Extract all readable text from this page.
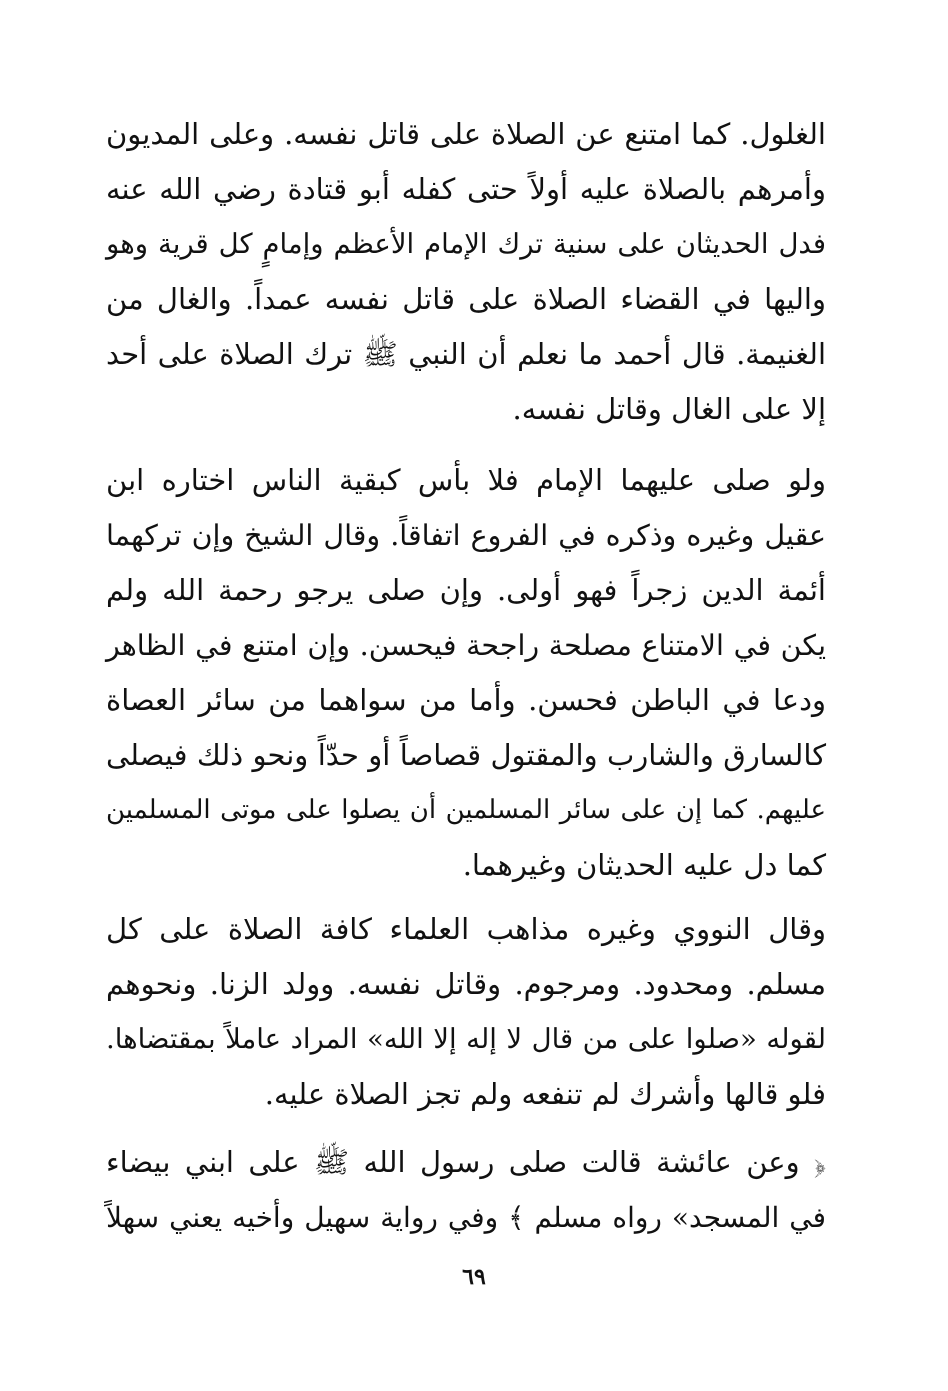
الغلول. كما امتنع عن الصلاة على قاتل نفسه. وعلى المديون
وأمرهم بالصلاة عليه أولاً حتى كفله أبو قتادة رضي الله عنه
فدل الحديثان على سنية ترك الإمام الأعظم وإمامٍ كل قرية وهو
واليها في القضاء الصلاة على قاتل نفسه عمداً. والغال من
الغنيمة. قال أحمد ما نعلم أن النبي ﷺ ترك الصلاة على أحد
إلا على الغال وقاتل نفسه.
ولو صلى عليهما الإمام فلا بأس كبقية الناس اختاره ابن
عقيل وغيره وذكره في الفروع اتفاقاً. وقال الشيخ وإن تركهما
أئمة الدين زجراً فهو أولى. وإن صلى يرجو رحمة الله ولم
يكن في الامتناع مصلحة راجحة فيحسن. وإن امتنع في الظاهر
ودعا في الباطن فحسن. وأما من سواهما من سائر العصاة
كالسارق والشارب والمقتول قصاصاً أو حدّاً ونحو ذلك فيصلى
عليهم. كما إن على سائر المسلمين أن يصلوا على موتى المسلمين
كما دل عليه الحديثان وغيرهما.
وقال النووي وغيره مذاهب العلماء كافة الصلاة على كل
مسلم. ومحدود. ومرجوم. وقاتل نفسه. وولد الزنا. ونحوهم
لقوله «صلوا على من قال لا إله إلا الله» المراد عاملاً بمقتضاها.
فلو قالها وأشرك لم تنفعه ولم تجز الصلاة عليه.
﴿ وعن عائشة قالت صلى رسول الله ﷺ على ابني بيضاء
في المسجد» رواه مسلم ﴾ وفي رواية سهيل وأخيه يعني سهلاً
٦٩
